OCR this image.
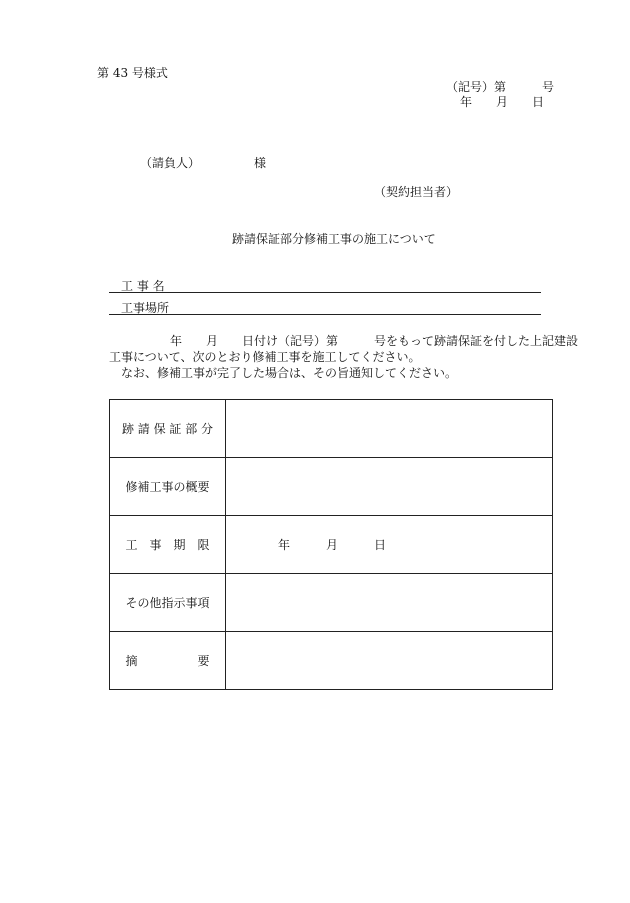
第 43 号様式
（記号）第　　　号
年　　月　　日
（請負人）　　　　　様
（契約担当者）
跡請保証部分修補工事の施工について
工 事 名
工事場所
年　　月　　日付け（記号）第　　　号をもって跡請保証を付した上記建設
工事について、次のとおり修補工事を施工してください。
　なお、修補工事が完了した場合は、その旨通知してください。
跡 請 保 証 部 分	
修補工事の概要	
工　事　期　限	年　　　月　　　日
その他指示事項	
摘　　　　　要	
